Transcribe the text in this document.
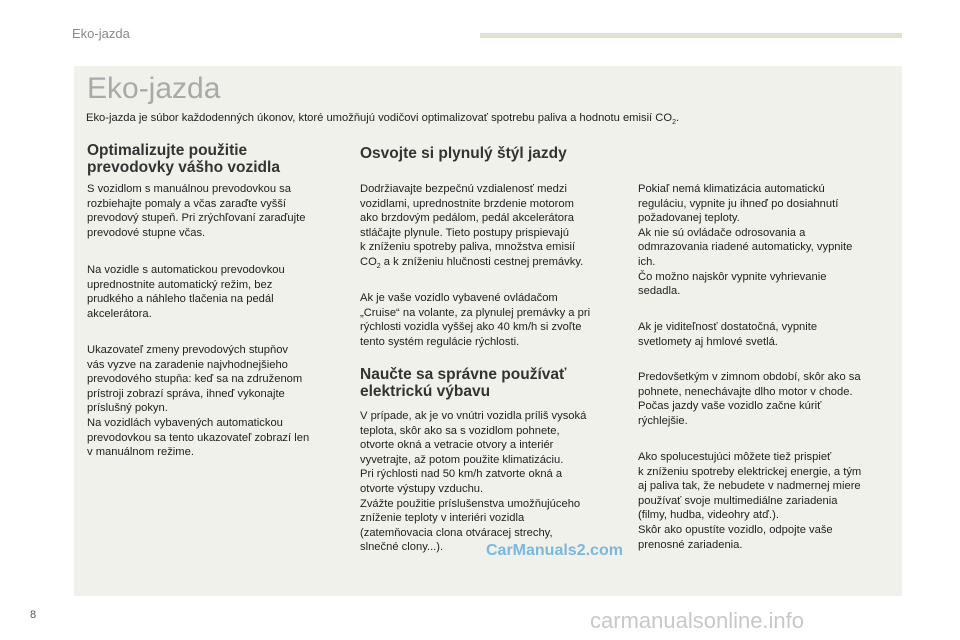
Eko-jazda
Eko-jazda
Eko-jazda je súbor každodenných úkonov, ktoré umožňujú vodičovi optimalizovať spotrebu paliva a hodnotu emisií $CO_2$.
Optimalizujte použitie
prevodovky vášho vozidla
S vozidlom s manuálnou prevodovkou sa
rozbiehajte pomaly a včas zaraďte vyšší
prevodový stupeň. Pri zrýchľovaní zaraďujte
prevodové stupne včas.
Na vozidle s automatickou prevodovkou
uprednostnite automatický režim, bez
prudkého a náhleho tlačenia na pedál
akcelerátora.
Ukazovateľ zmeny prevodových stupňov
vás vyzve na zaradenie najvhodnejšieho
prevodového stupňa: keď sa na združenom
prístroji zobrazí správa, ihneď vykonajte
príslušný pokyn.
Na vozidlách vybavených automatickou
prevodovkou sa tento ukazovateľ zobrazí len
v manuálnom režime.
Osvojte si plynulý štýl jazdy
Dodržiavajte bezpečnú vzdialenosť medzi
vozidlami, uprednostnite brzdenie motorom
ako brzdovým pedálom, pedál akcelerátora
stláčajte plynule. Tieto postupy prispievajú
k zníženiu spotreby paliva, množstva emisií
$CO_2$ a k zníženiu hlučnosti cestnej premávky.
Ak je vaše vozidlo vybavené ovládačom
„Cruise“ na volante, za plynulej premávky a pri
rýchlosti vozidla vyššej ako 40 km/h si zvoľte
tento systém regulácie rýchlosti.
Naučte sa správne používať
elektrickú výbavu
V prípade, ak je vo vnútri vozidla príliš vysoká
teplota, skôr ako sa s vozidlom pohnete,
otvorte okná a vetracie otvory a interiér
vyvetrajte, až potom použite klimatizáciu.
Pri rýchlosti nad 50 km/h zatvorte okná a
otvorte výstupy vzduchu.
Zvážte použitie príslušenstva umožňujúceho
zníženie teploty v interiéri vozidla
(zatemňovacia clona otváracej strechy,
slnečné clony...).
Pokiaľ nemá klimatizácia automatickú
reguláciu, vypnite ju ihneď po dosiahnutí
požadovanej teploty.
Ak nie sú ovládače odrosovania a
odmrazovania riadené automaticky, vypnite
ich.
Čo možno najskôr vypnite vyhrievanie
sedadla.
Ak je viditeľnosť dostatočná, vypnite
svetlomety aj hmlové svetlá.
Predovšetkým v zimnom období, skôr ako sa
pohnete, nenechávajte dlho motor v chode.
Počas jazdy vaše vozidlo začne kúriť
rýchlejšie.
Ako spolucestujúci môžete tiež prispieť
k zníženiu spotreby elektrickej energie, a tým
aj paliva tak, že nebudete v nadmernej miere
používať svoje multimediálne zariadenia
(filmy, hudba, videohry atď.).
Skôr ako opustíte vozidlo, odpojte vaše
prenosné zariadenia.
CarManuals2.com
8	carmanualsonline.info
